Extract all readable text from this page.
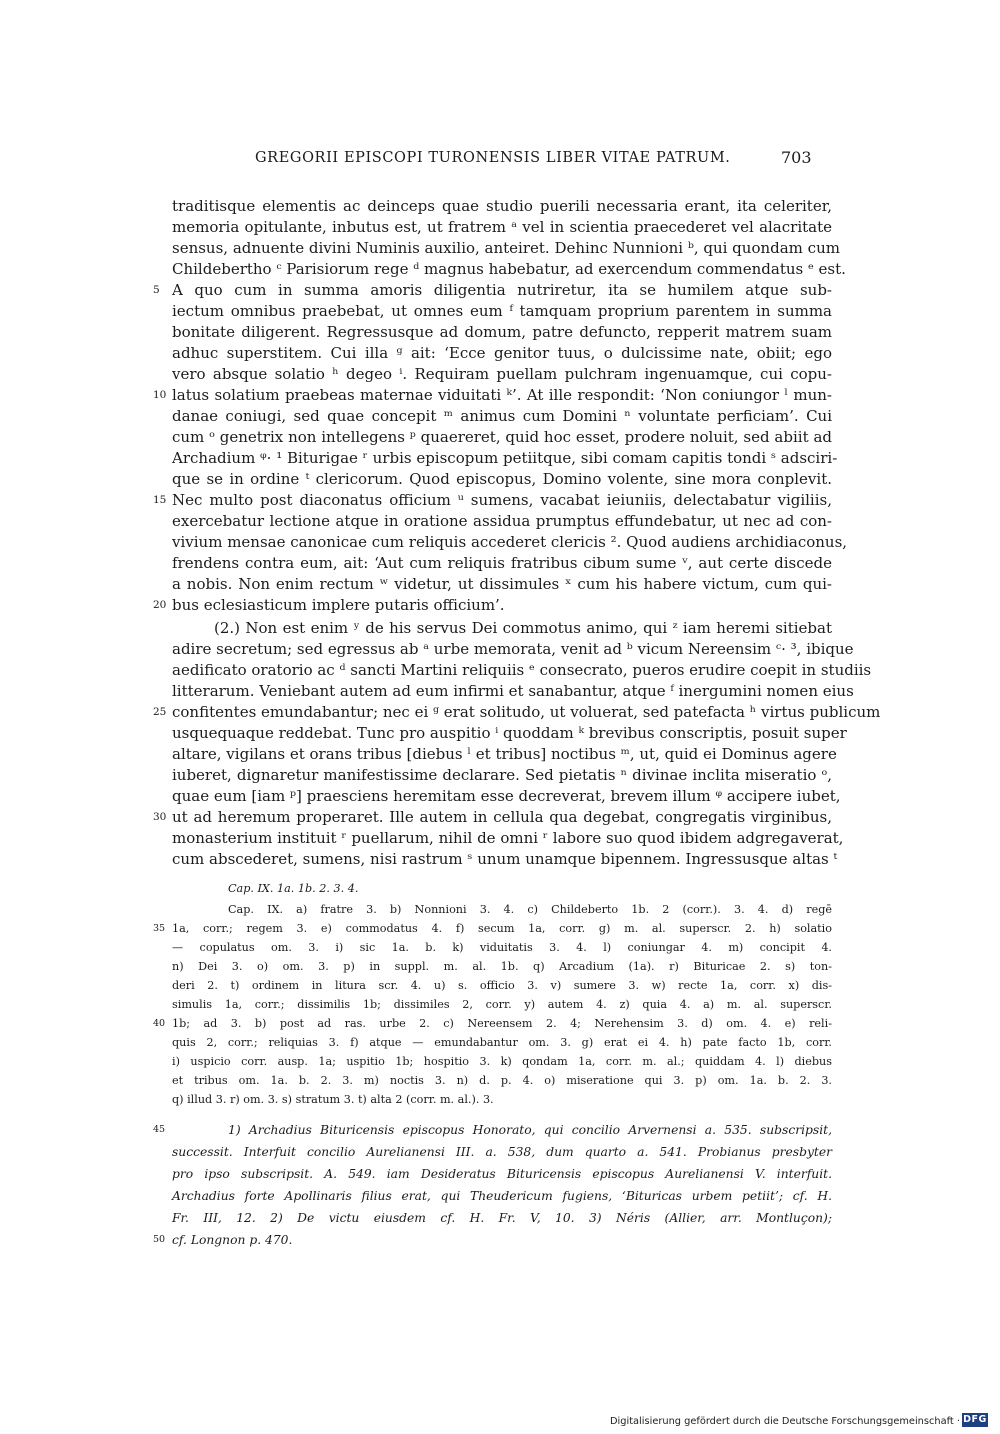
GREGORII EPISCOPI TURONENSIS LIBER VITAE PATRUM.	703
traditisque elementis ac deinceps quae studio puerili necessaria erant, ita celeriter,
memoria opitulante, inbutus est, ut fratrem ᵃ vel in scientia praecederet vel alacritate
sensus, adnuente divini Numinis auxilio, anteiret. Dehinc Nunnioni ᵇ, qui quondam cum
Childebertho ᶜ Parisiorum rege ᵈ magnus habebatur, ad exercendum commendatus ᵉ est.
A quo cum in summa amoris diligentia nutriretur, ita se humilem atque sub-
iectum omnibus praebebat, ut omnes eum ᶠ tamquam proprium parentem in summa
bonitate diligerent. Regressusque ad domum, patre defuncto, repperit matrem suam
adhuc superstitem. Cui illa ᵍ ait: ‘Ecce genitor tuus, o dulcissime nate, obiit; ego
vero absque solatio ʰ degeo ⁱ. Requiram puellam pulchram ingenuamque, cui copu-
latus solatium praebeas maternae viduitati ᵏ’. At ille respondit: ‘Non coniungor ˡ mun-
danae coniugi, sed quae concepit ᵐ animus cum Domini ⁿ voluntate perficiam’. Cui
cum ᵒ genetrix non intellegens ᵖ quaereret, quid hoc esset, prodere noluit, sed abiit ad
Archadium ᵠ· ¹ Biturigae ʳ urbis episcopum petiitque, sibi comam capitis tondi ˢ adsciri-
que se in ordine ᵗ clericorum. Quod episcopus, Domino volente, sine mora conplevit.
Nec multo post diaconatus officium ᵘ sumens, vacabat ieiuniis, delectabatur vigiliis,
exercebatur lectione atque in oratione assidua prumptus effundebatur, ut nec ad con-
vivium mensae canonicae cum reliquis accederet clericis ². Quod audiens archidiaconus,
frendens contra eum, ait: ‘Aut cum reliquis fratribus cibum sume ᵛ, aut certe discede
a nobis. Non enim rectum ʷ videtur, ut dissimules ˣ cum his habere victum, cum qui-
bus eclesiasticum implere putaris officium’.
(2.) Non est enim ʸ de his servus Dei commotus animo, qui ᶻ iam heremi sitiebat
adire secretum; sed egressus ab ᵃ urbe memorata, venit ad ᵇ vicum Nereensim ᶜ· ³, ibique
aedificato oratorio ac ᵈ sancti Martini reliquiis ᵉ consecrato, pueros erudire coepit in studiis
litterarum. Veniebant autem ad eum infirmi et sanabantur, atque ᶠ inergumini nomen eius
confitentes emundabantur; nec ei ᵍ erat solitudo, ut voluerat, sed patefacta ʰ virtus publicum
usquequaque reddebat. Tunc pro auspitio ⁱ quoddam ᵏ brevibus conscriptis, posuit super
altare, vigilans et orans tribus [diebus ˡ et tribus] noctibus ᵐ, ut, quid ei Dominus agere
iuberet, dignaretur manifestissime declarare. Sed pietatis ⁿ divinae inclita miseratio ᵒ,
quae eum [iam ᵖ] praesciens heremitam esse decreverat, brevem illum ᵠ accipere iubet,
ut ad heremum properaret. Ille autem in cellula qua degebat, congregatis virginibus,
monasterium instituit ʳ puellarum, nihil de omni ʳ labore suo quod ibidem adgregaverat,
cum abscederet, sumens, nisi rastrum ˢ unum unamque bipennem. Ingressusque altas ᵗ
5
10
15
20
25
30
Cap. IX. 1a. 1b. 2. 3. 4.
Cap. IX. a) fratre 3. b) Nonnioni 3. 4. c) Childeberto 1b. 2 (corr.). 3. 4. d) regē
1a, corr.; regem 3. e) commodatus 4. f) secum 1a, corr. g) m. al. superscr. 2. h) solatio
— copulatus om. 3. i) sic 1a. b. k) viduitatis 3. 4. l) coniungar 4. m) concipit 4.
n) Dei 3. o) om. 3. p) in suppl. m. al. 1b. q) Arcadium (1a). r) Bituricae 2. s) ton-
deri 2. t) ordinem in litura scr. 4. u) s. officio 3. v) sumere 3. w) recte 1a, corr. x) dis-
simulis 1a, corr.; dissimilis 1b; dissimiles 2, corr. y) autem 4. z) quia 4. a) m. al. superscr.
1b; ad 3. b) post ad ras. urbe 2. c) Nereensem 2. 4; Nerehensim 3. d) om. 4. e) reli-
quis 2, corr.; reliquias 3. f) atque — emundabantur om. 3. g) erat ei 4. h) pate facto 1b, corr.
i) uspicio corr. ausp. 1a; uspitio 1b; hospitio 3. k) qondam 1a, corr. m. al.; quiddam 4. l) diebus
et tribus om. 1a. b. 2. 3. m) noctis 3. n) d. p. 4. o) miseratione qui 3. p) om. 1a. b. 2. 3.
q) illud 3. r) om. 3. s) stratum 3. t) alta 2 (corr. m. al.). 3.
35
40
1) Archadius Bituricensis episcopus Honorato, qui concilio Arvernensi a. 535. subscripsit,
successit. Interfuit concilio Aurelianensi III. a. 538, dum quarto a. 541. Probianus presbyter
pro ipso subscripsit. A. 549. iam Desideratus Bituricensis episcopus Aurelianensi V. interfuit.
Archadius forte Apollinaris filius erat, qui Theudericum fugiens, ‘Bituricas urbem petiit’; cf. H.
Fr. III, 12. 2) De victu eiusdem cf. H. Fr. V, 10. 3) Néris (Allier, arr. Montluçon);
cf. Longnon p. 470.
45
50
Digitalisierung gefördert durch die Deutsche Forschungsgemeinschaft · DFG
